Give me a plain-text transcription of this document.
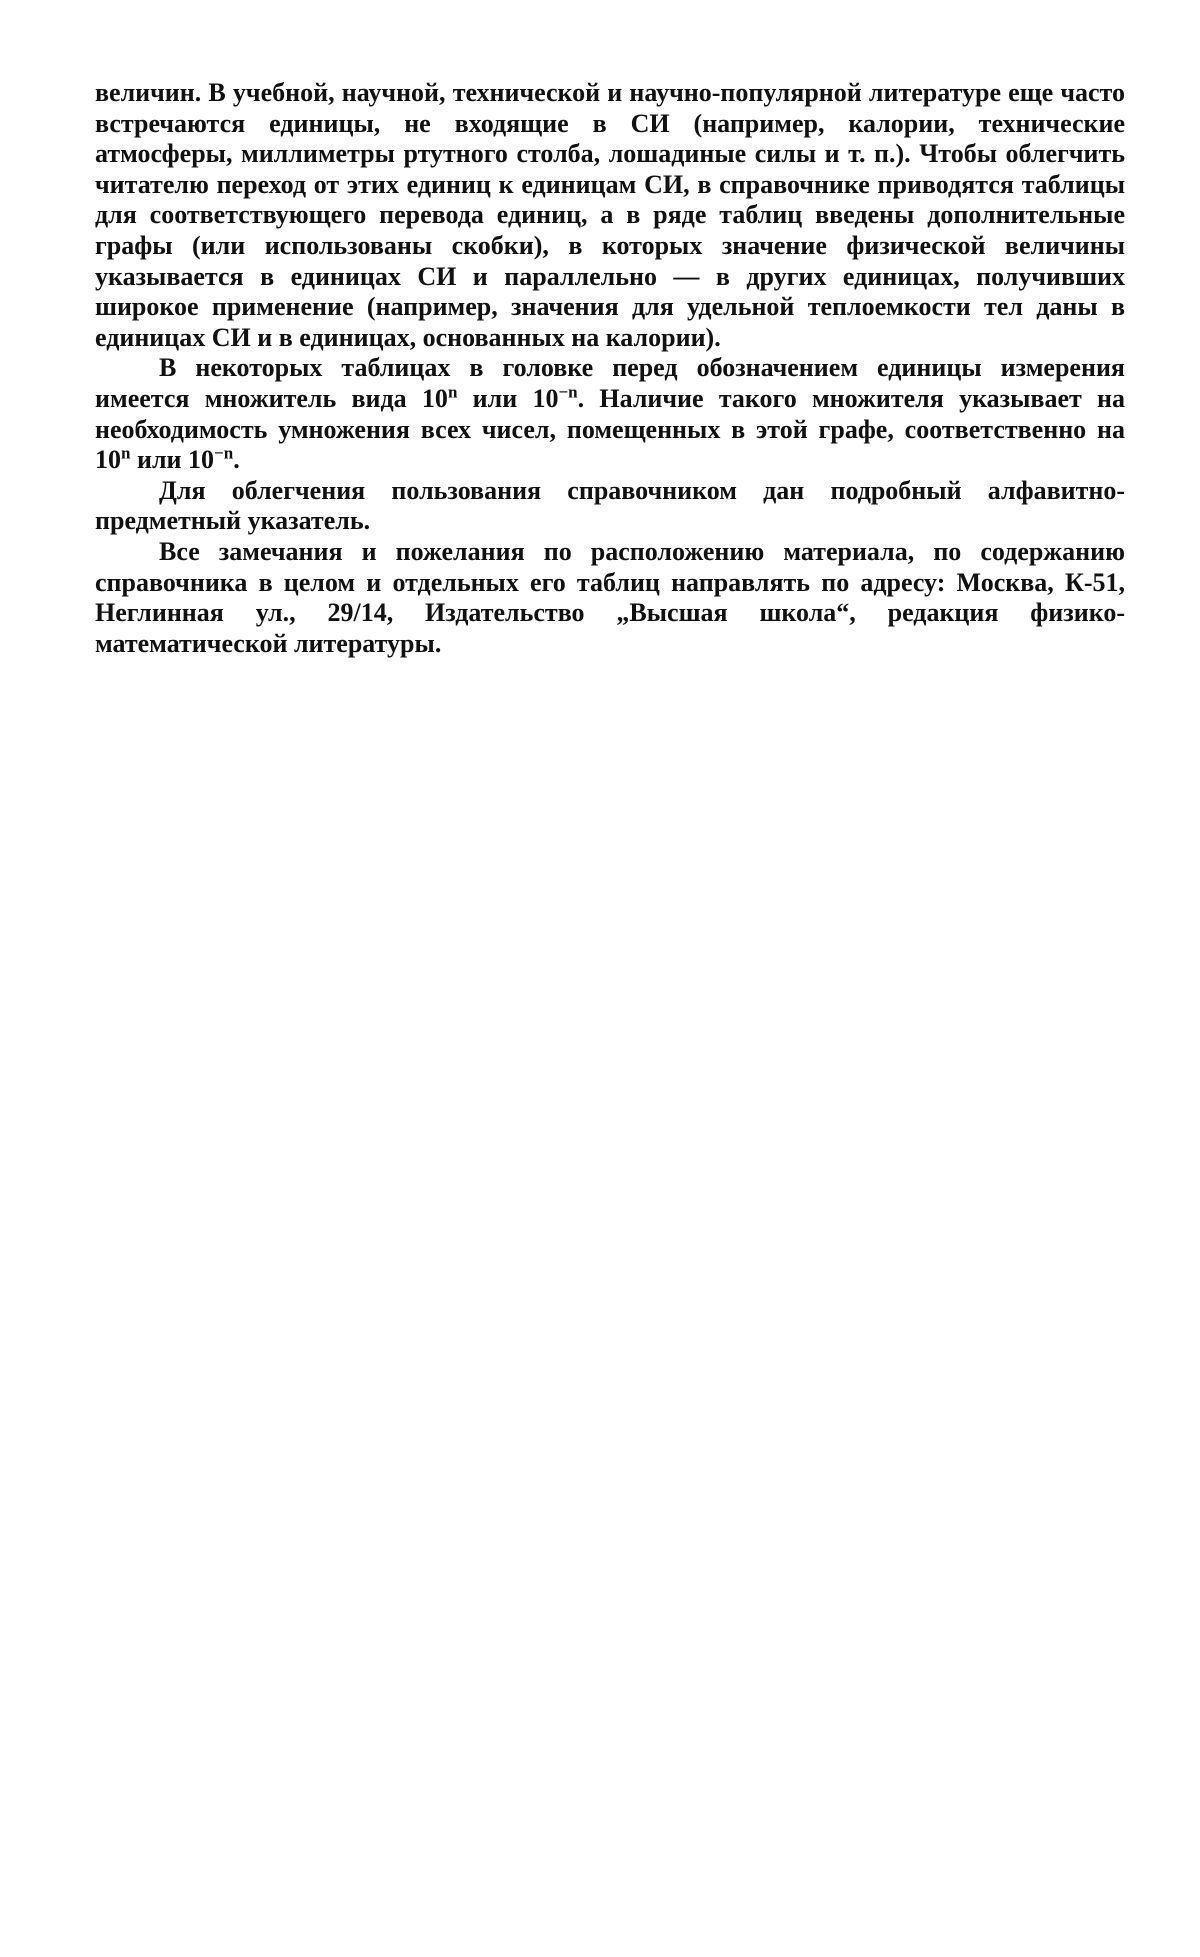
величин. В учебной, научной, технической и научно-популярной литературе еще часто встречаются единицы, не входящие в СИ (например, калории, технические атмосферы, миллиметры ртутного столба, лошадиные силы и т. п.). Чтобы облегчить читателю переход от этих единиц к единицам СИ, в справочнике приводятся таблицы для соответствующего перевода единиц, а в ряде таблиц введены дополнительные графы (или использованы скобки), в которых значение физической величины указывается в единицах СИ и параллельно — в других единицах, получивших широкое применение (например, значения для удельной теплоемкости тел даны в единицах СИ и в единицах, основанных на калории).

В некоторых таблицах в головке перед обозначением единицы измерения имеется множитель вида 10$^n$ или $10^{-n}$. Наличие такого множителя указывает на необходимость умножения всех чисел, помещенных в этой графе, соответственно на 10$^n$ или $10^{-n}$.

Для облегчения пользования справочником дан подробный алфавитно-предметный указатель.

Все замечания и пожелания по расположению материала, по содержанию справочника в целом и отдельных его таблиц направлять по адресу: Москва, К-51, Неглинная ул., 29/14, Издательство „Высшая школа“, редакция физико-математической литературы.
